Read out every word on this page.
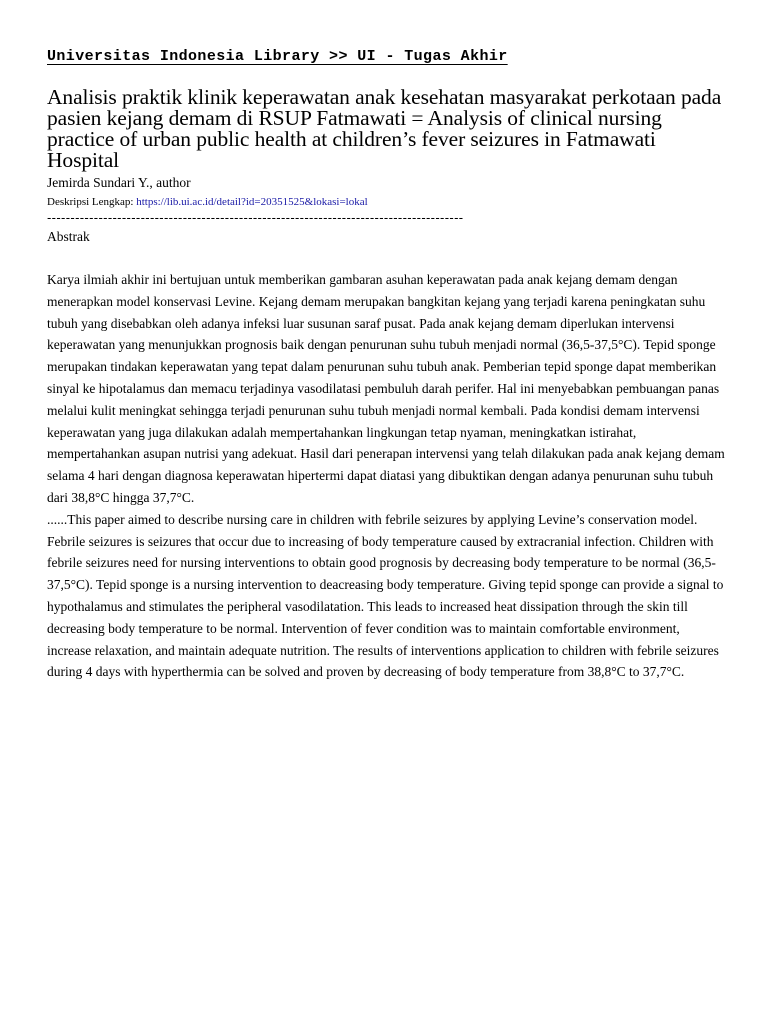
Universitas Indonesia Library >> UI - Tugas Akhir
Analisis praktik klinik keperawatan anak kesehatan masyarakat perkotaan pada pasien kejang demam di RSUP Fatmawati = Analysis of clinical nursing practice of urban public health at children’s fever seizures in Fatmawati Hospital
Jemirda Sundari Y., author
Deskripsi Lengkap: https://lib.ui.ac.id/detail?id=20351525&lokasi=lokal
-----------------------------------------------------------------------------------------
Abstrak

Karya ilmiah akhir ini bertujuan untuk memberikan gambaran asuhan keperawatan pada anak kejang demam dengan menerapkan model konservasi Levine. Kejang demam merupakan bangkitan kejang yang terjadi karena peningkatan suhu tubuh yang disebabkan oleh adanya infeksi luar susunan saraf pusat. Pada anak kejang demam diperlukan intervensi keperawatan yang menunjukkan prognosis baik dengan penurunan suhu tubuh menjadi normal (36,5-37,5°C). Tepid sponge merupakan tindakan keperawatan yang tepat dalam penurunan suhu tubuh anak. Pemberian tepid sponge dapat memberikan sinyal ke hipotalamus dan memacu terjadinya vasodilatasi pembuluh darah perifer. Hal ini menyebabkan pembuangan panas melalui kulit meningkat sehingga terjadi penurunan suhu tubuh menjadi normal kembali. Pada kondisi demam intervensi keperawatan yang juga dilakukan adalah mempertahankan lingkungan tetap nyaman, meningkatkan istirahat, mempertahankan asupan nutrisi yang adekuat. Hasil dari penerapan intervensi yang telah dilakukan pada anak kejang demam selama 4 hari dengan diagnosa keperawatan hipertermi dapat diatasi yang dibuktikan dengan adanya penurunan suhu tubuh dari 38,8°C hingga 37,7°C.

......This paper aimed to describe nursing care in children with febrile seizures by applying Levine’s conservation model. Febrile seizures is seizures that occur due to increasing of body temperature caused by extracranial infection. Children with febrile seizures need for nursing interventions to obtain good prognosis by decreasing body temperature to be normal (36,5-37,5°C). Tepid sponge is a nursing intervention to deacreasing body temperature. Giving tepid sponge can provide a signal to hypothalamus and stimulates the peripheral vasodilatation. This leads to increased heat dissipation through the skin till decreasing body temperature to be normal. Intervention of fever condition was to maintain comfortable environment, increase relaxation, and maintain adequate nutrition. The results of interventions application to children with febrile seizures during 4 days with hyperthermia can be solved and proven by decreasing of body temperature from 38,8°C to 37,7°C.
